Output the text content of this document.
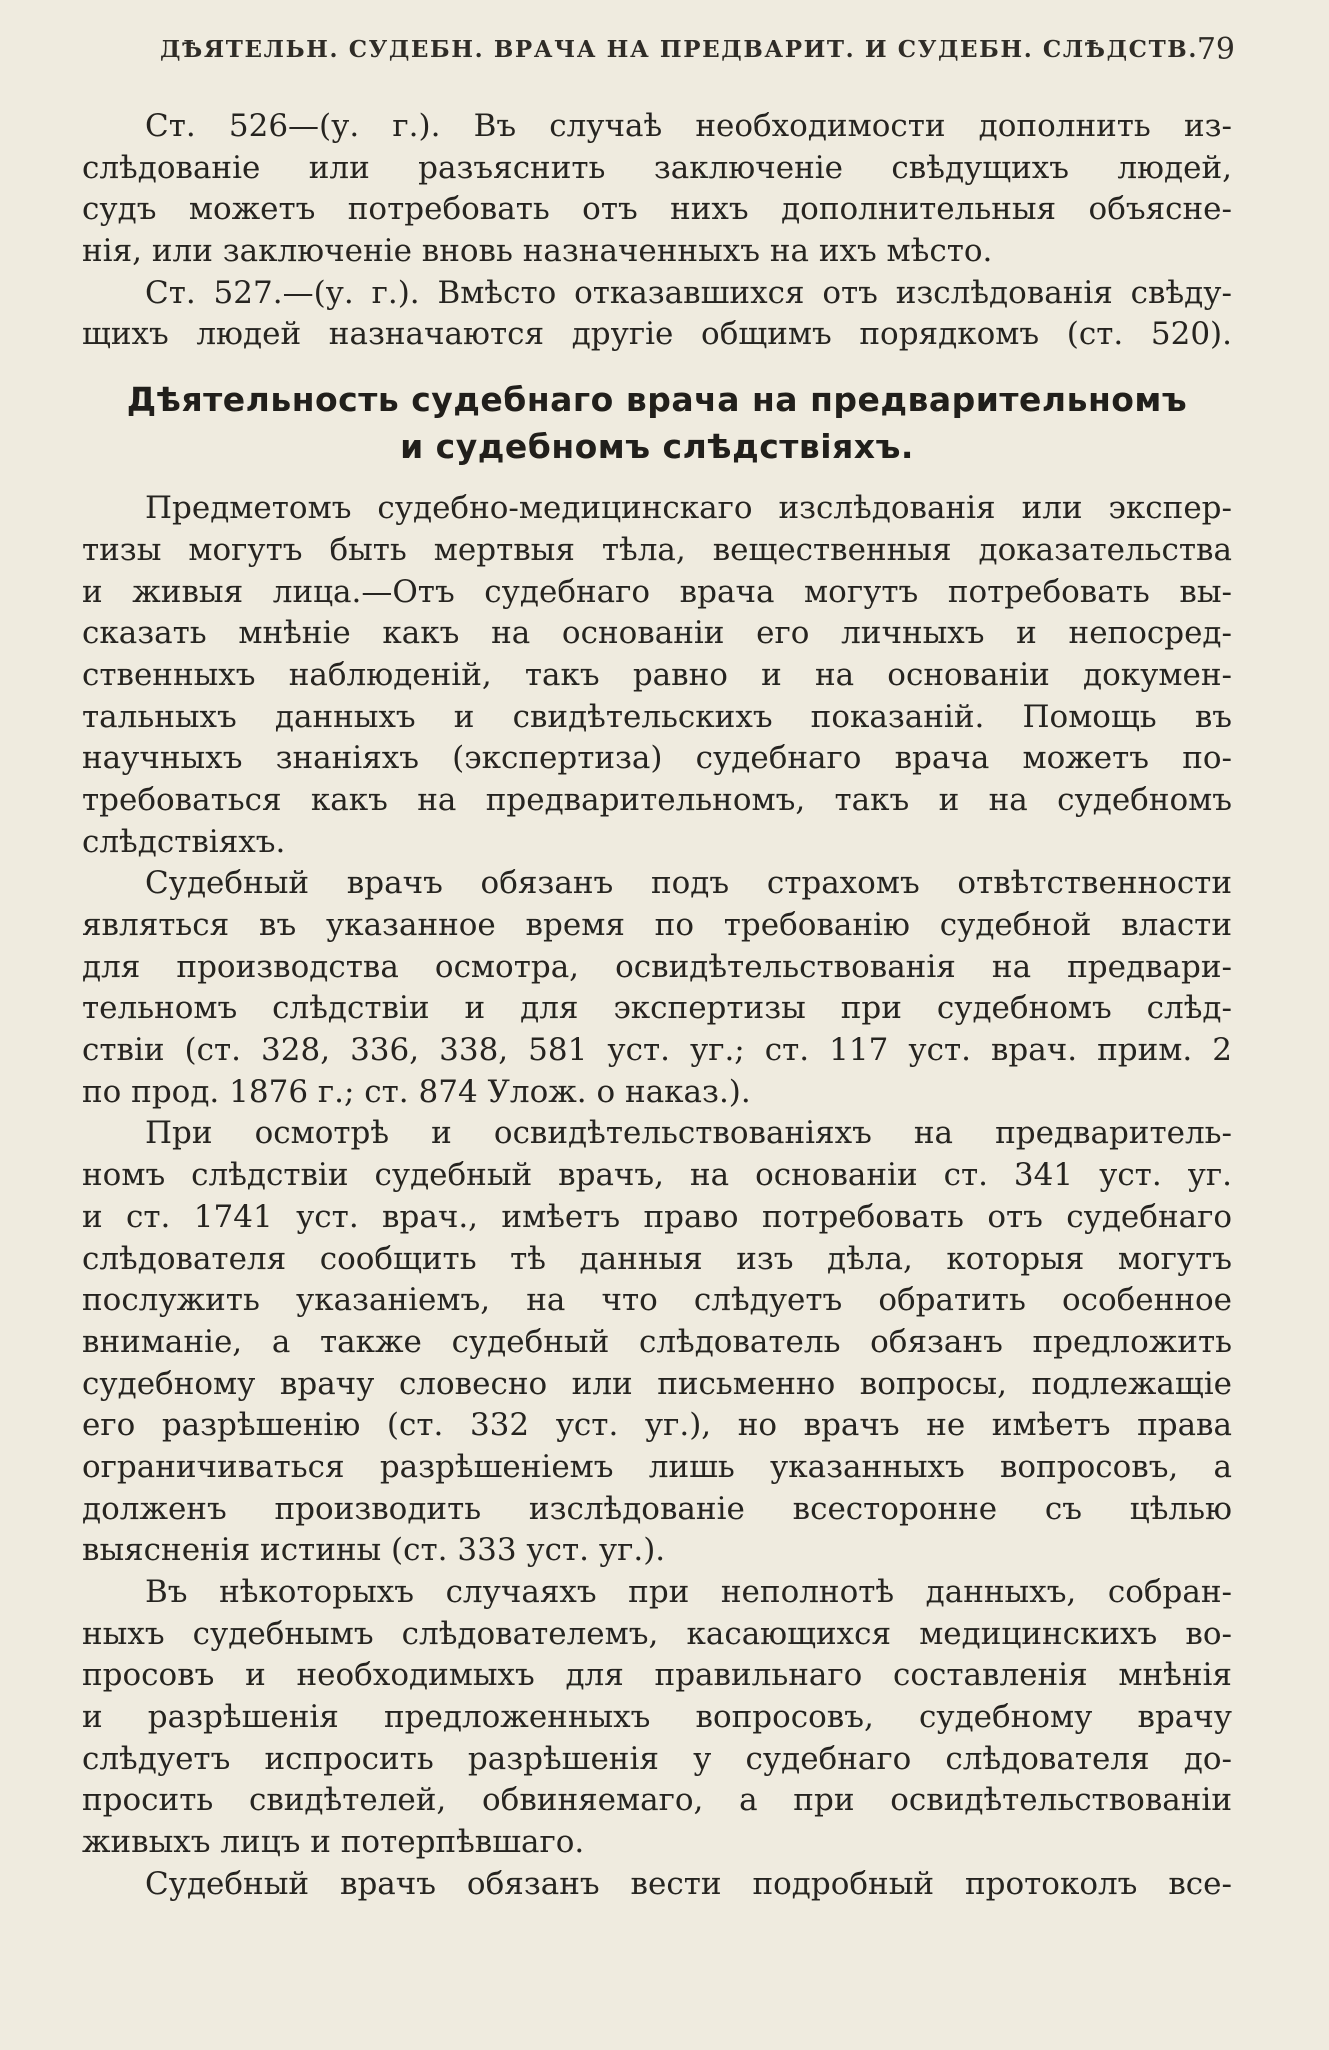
ДѢЯТЕЛЬН. СУДЕБН. ВРАЧА НА ПРЕДВАРИТ. И СУДЕБН. СЛѢДСТВ.
79
Ст. 526—(у. г.). Въ случаѣ необходимости дополнить из-
слѣдованіе или разъяснить заключеніе свѣдущихъ людей,
судъ можетъ потребовать отъ нихъ дополнительныя объясне-
нія, или заключеніе вновь назначенныхъ на ихъ мѣсто.
Ст. 527.—(у. г.). Вмѣсто отказавшихся отъ изслѣдованія свѣду-
щихъ людей назначаются другіе общимъ порядкомъ (ст. 520).
Дѣятельность судебнаго врача на предварительномъ
и судебномъ слѣдствіяхъ.
Предметомъ судебно-медицинскаго изслѣдованія или экспер-
тизы могутъ быть мертвыя тѣла, вещественныя доказательства
и живыя лица.—Отъ судебнаго врача могутъ потребовать вы-
сказать мнѣніе какъ на основаніи его личныхъ и непосред-
ственныхъ наблюденій, такъ равно и на основаніи докумен-
тальныхъ данныхъ и свидѣтельскихъ показаній. Помощь въ
научныхъ знаніяхъ (экспертиза) судебнаго врача можетъ по-
требоваться какъ на предварительномъ, такъ и на судебномъ
слѣдствіяхъ.
Судебный врачъ обязанъ подъ страхомъ отвѣтственности
являться въ указанное время по требованію судебной власти
для производства осмотра, освидѣтельствованія на предвари-
тельномъ слѣдствіи и для экспертизы при судебномъ слѣд-
ствіи (ст. 328, 336, 338, 581 уст. уг.; ст. 117 уст. врач. прим. 2
по прод. 1876 г.; ст. 874 Улож. о наказ.).
При осмотрѣ и освидѣтельствованіяхъ на предваритель-
номъ слѣдствіи судебный врачъ, на основаніи ст. 341 уст. уг.
и ст. 1741 уст. врач., имѣетъ право потребовать отъ судебнаго
слѣдователя сообщить тѣ данныя изъ дѣла, которыя могутъ
послужить указаніемъ, на что слѣдуетъ обратить особенное
вниманіе, а также судебный слѣдователь обязанъ предложить
судебному врачу словесно или письменно вопросы, подлежащіе
его разрѣшенію (ст. 332 уст. уг.), но врачъ не имѣетъ права
ограничиваться разрѣшеніемъ лишь указанныхъ вопросовъ, а
долженъ производить изслѣдованіе всесторонне съ цѣлью
выясненія истины (ст. 333 уст. уг.).
Въ нѣкоторыхъ случаяхъ при неполнотѣ данныхъ, собран-
ныхъ судебнымъ слѣдователемъ, касающихся медицинскихъ во-
просовъ и необходимыхъ для правильнаго составленія мнѣнія
и разрѣшенія предложенныхъ вопросовъ, судебному врачу
слѣдуетъ испросить разрѣшенія у судебнаго слѣдователя до-
просить свидѣтелей, обвиняемаго, а при освидѣтельствованіи
живыхъ лицъ и потерпѣвшаго.
Судебный врачъ обязанъ вести подробный протоколъ все-
